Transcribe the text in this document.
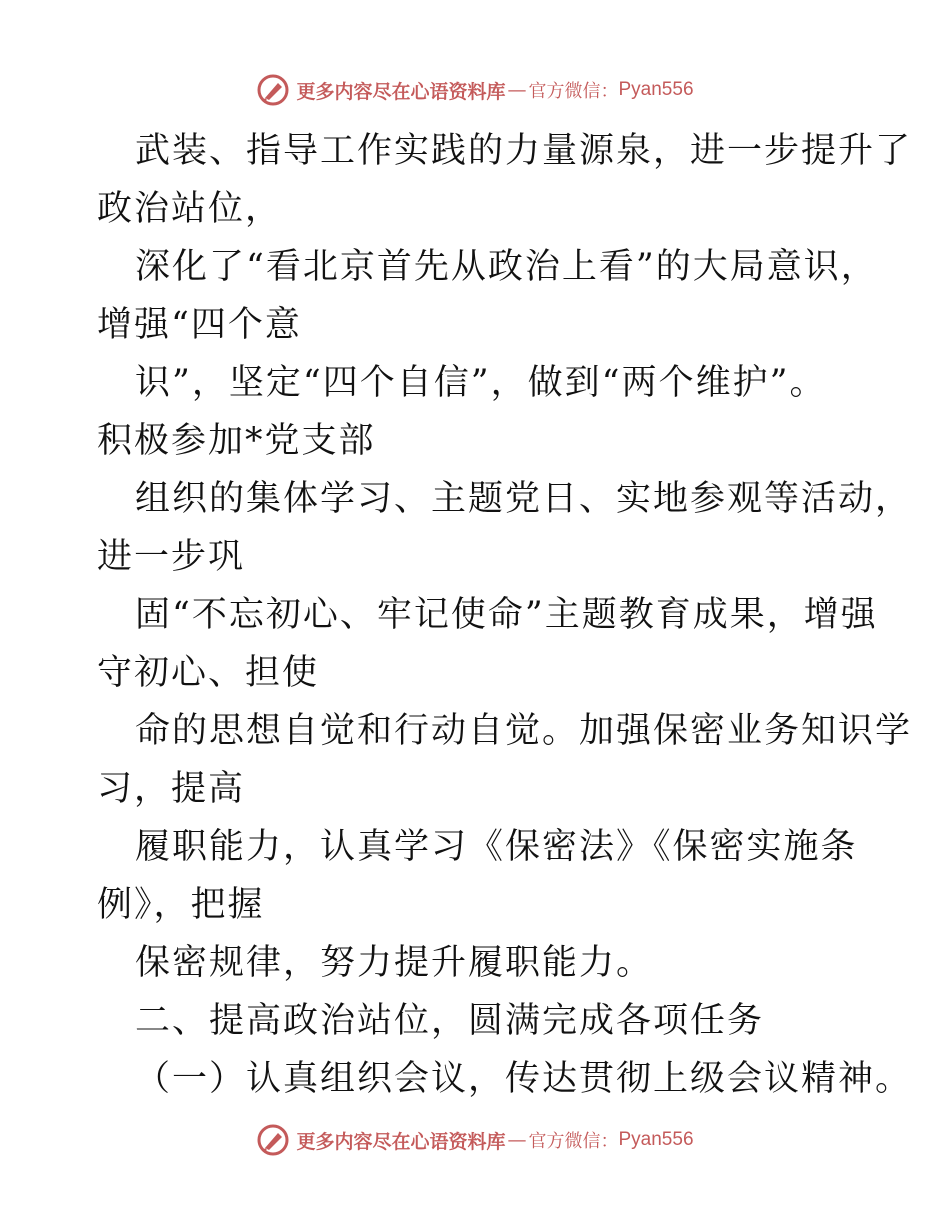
更多内容尽在心语资料库 — 官方微信： Pyan556
武装、指导工作实践的力量源泉，进一步提升了
政治站位，
深化了“看北京首先从政治上看”的大局意识，
增强“四个意
识”，坚定“四个自信”，做到“两个维护”。
积极参加*党支部
组织的集体学习、主题党日、实地参观等活动，
进一步巩
固“不忘初心、牢记使命”主题教育成果，增强
守初心、担使
命的思想自觉和行动自觉。加强保密业务知识学
习，提高
履职能力，认真学习《保密法》《保密实施条
例》，把握
保密规律，努力提升履职能力。
二、提高政治站位，圆满完成各项任务
（一）认真组织会议，传达贯彻上级会议精神。
更多内容尽在心语资料库 — 官方微信： Pyan556
